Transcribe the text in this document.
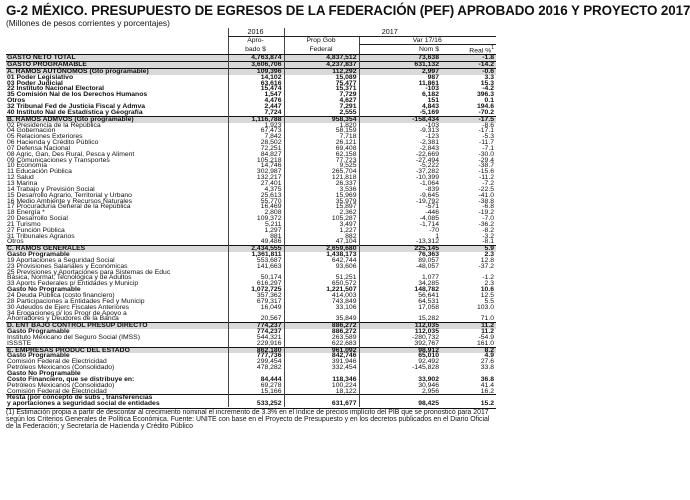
G-2 MÉXICO. PRESUPUESTO DE EGRESOS DE LA FEDERACIÓN (PEF) APROBADO 2016 Y PROYECTO 2017
(Millones de pesos corrientes y porcentajes)
	2016	2017		
	Apro-	Prop Gob	Var 17/16	
	bado $	Federal	Nom $	Real %$^1$
GASTO NETO TOTAL	4,763,874	4,837,512	73,638	-1.8
GASTO PROGRAMABLE	3,606,706	4,237,837	631,132	-14.2
A. RAMOS AUTÓNOMOS (Gto programable)	109,396	112,292	2,997	-0.6
01 Poder Legislativo	14,102	15,089	987	3.3
03 Poder Judicial	63,616	75,477	11,861	15.3
22 Instituto Nacional Electoral	15,474	15,371	-103	-4.2
35 Comisión Nal de los Derechos Humanos	1,547	7,729	6,182	396.3
Otros	4,476	4,627	151	0.1
32 Tribunal Fed de Justicia Fiscal y Admva	2,447	7,291	4,843	194.6
40 Instituto Nal de Estadística y Geografía	7,724	2,555	-5,169	-70.2
B. RAMOS ADMVOS (Gto programable)	1,116,788	958,354	-158,434	-17.5
02 Presidencia de la República	1,923	1,820	-103	-8.6
04 Gobernación	67,473	58,159	-9,313	-17.1
05 Relaciones Exteriores	7,842	7,718	-123	-5.3
06 Hacienda y Crédito Público	28,502	26,121	-2,381	-11.7
07 Defensa Nacional	72,251	69,408	-2,843	-7.1
08 Agric, Gan, Des Rural, Pesca y Aliment	84,827	62,158	-22,669	-30.0
09 Comunicaciones y Transportes	105,218	77,723	-27,494	-29.4
10 Economía	14,746	9,525	-5,222	-38.7
11 Educación Pública	302,987	265,704	-37,282	-15.6
12 Salud	132,217	121,818	-10,399	-11.2
13 Marina	27,401	26,337	-1,064	-7.2
14 Trabajo y Previsión Social	4,375	3,536	-839	-22.5
15 Desarrollo Agrario, Territorial y Urbano	25,613	15,969	-9,645	-41.0
16 Medio Ambiente y Recursos Naturales	55,770	35,979	-19,792	-38.8
17 Procuraduría General de la República	16,469	15,897	-571	-6.8
18 Energía *	2,808	2,362	-446	-19.2
20 Desarrollo Social	109,372	105,287	-4,085	-7.0
21 Turismo	5,211	3,497	-1,714	-36.2
27 Función Pública	1,297	1,227	-70	-8.2
31 Tribunales Agrarios	881	882	1	-3.2
Otros	49,486	47,104	-13,312	-8.1
C. RAMOS GENERALES	2,434,555	2,659,680	225,145	5.9
Gasto Programable	1,361,811	1,438,173	76,363	2.3
19 Aportaciones a Seguridad Social	553,687	642,744	89,057	12.8
23 Provisiones Salariales y Económicas	141,663	93,606	-48,057	-37.2
25 Previsiones y Aportaciones para Sistemas de Educ				
Básica, Normal, Tecnológica y de Adultos	50,174	51,251	1,077	-1.2
33 Aports Federales p/ Entidades y Municip	616,297	650,572	34,285	2.3
Gasto No Programable	1,072,725	1,221,507	148,782	10.6
24 Deuda Pública (costo financiero)	357,362	414,003	56,641	12.5
28 Participaciones a Entidades Fed y Municip	679,317	743,849	64,531	5.5
30 Adeudos de Ejerc Fiscales Anteriores	16,049	33,106	17,058	103.0
34 Erogaciones p/ los Progr de Apoyo a				
Ahorradores y Deudores de la Banca	20,567	35,849	15,282	71.0
D. ENT BAJO CONTROL PRESUP DIRECTO	774,237	886,272	112,035	11.2
Gasto Programable	774,237	886,272	112,035	11.2
Instituto Mexicano del Seguro Social (IMSS)	544,321	263,589	-280,732	-54.9
ISSSTE	229,916	622,683	392,767	161.0
E. EMPRESAS PRODUC DEL ESTADO	862,180	961,092	98,912	8.2
Gasto Programable	777,736	842,746	65,010	4.9
Comisión Federal de Electricidad	299,454	391,946	92,492	27.6
Petróleos Mexicanos (Consolidado)	478,282	332,454	-145,828	33.8
Gasto No Programable				
Costo Financiero, que se distribuye en:	84,444	118,346	33,902	36.8
Petróleos Mexicanos (Consolidado)	69,278	100,224	30,946	41.4
Comisión Federal de Electricidad	15,166	18,122	2,956	16.2
Resta (por concepto de subs , transferencias				
y aportaciones a seguridad social de entidades	533,252	631,677	98,425	15.2

(1) Estimación propia a partir de descontar al crecimiento nominal el incremento de 3.3% en el índice de precios implícito del PIB que se pronosticó para 2017 según los Criterios Generales de Política Económica. Fuente: UNITE con base en el Proyecto de Presupuesto y en los decretos publicados en el Diario Oficial de la Federación; y Secretaría de Hacienda y Crédito Público
